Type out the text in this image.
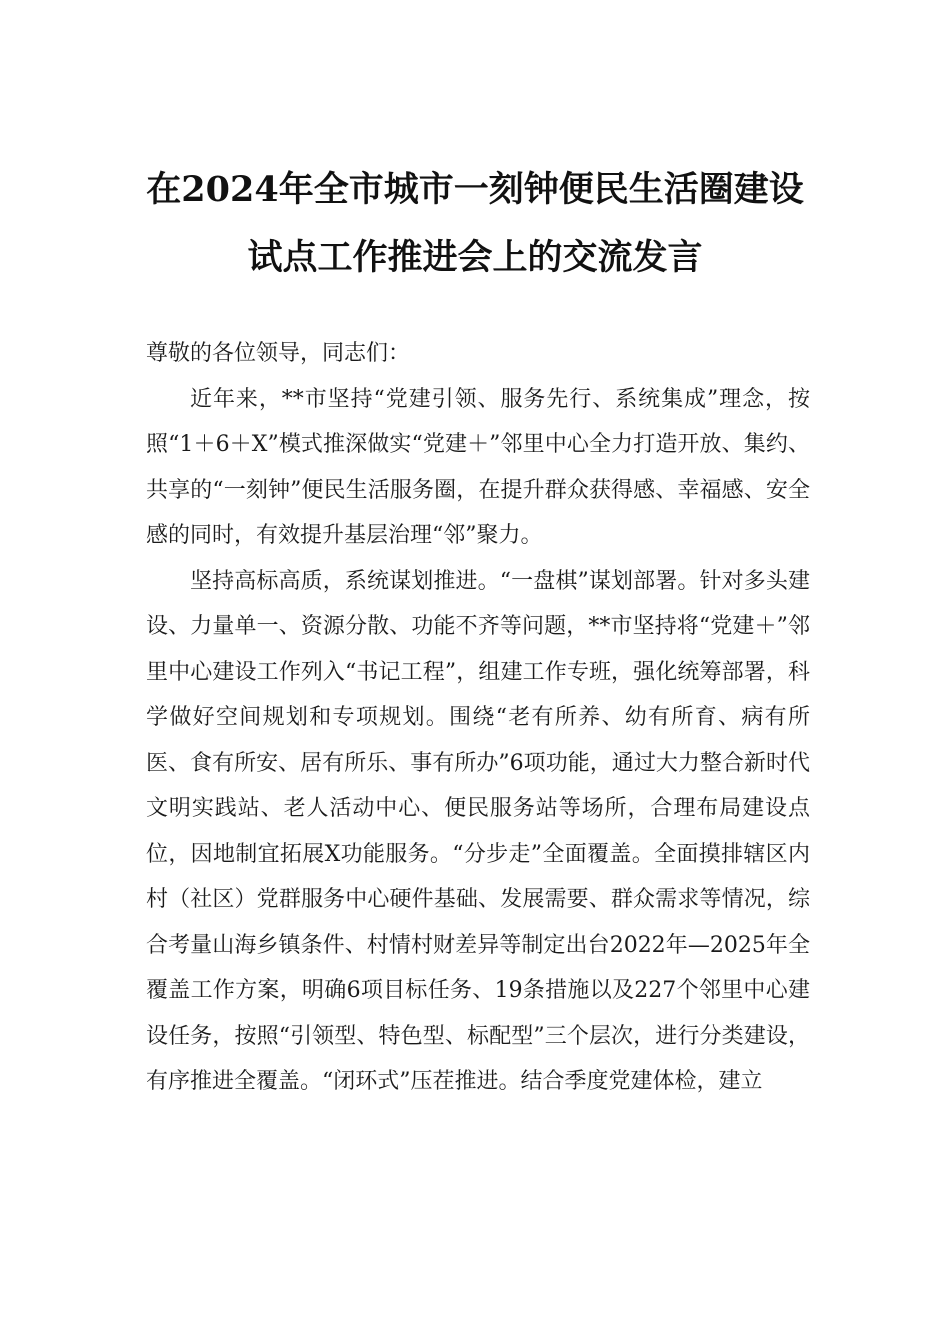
在2024年全市城市一刻钟便民生活圈建设
试点工作推进会上的交流发言

尊敬的各位领导，同志们：

近年来，**市坚持“党建引领、服务先行、系统集成”理念，按照“1＋6＋X”模式推深做实“党建＋”邻里中心全力打造开放、集约、共享的“一刻钟”便民生活服务圈，在提升群众获得感、幸福感、安全感的同时，有效提升基层治理“邻”聚力。

坚持高标高质，系统谋划推进。“一盘棋”谋划部署。针对多头建设、力量单一、资源分散、功能不齐等问题，**市坚持将“党建＋”邻里中心建设工作列入“书记工程”，组建工作专班，强化统筹部署，科学做好空间规划和专项规划。围绕“老有所养、幼有所育、病有所医、食有所安、居有所乐、事有所办”6项功能，通过大力整合新时代文明实践站、老人活动中心、便民服务站等场所，合理布局建设点位，因地制宜拓展X功能服务。“分步走”全面覆盖。全面摸排辖区内村（社区）党群服务中心硬件基础、发展需要、群众需求等情况，综合考量山海乡镇条件、村情村财差异等制定出台2022年—2025年全覆盖工作方案，明确6项目标任务、19条措施以及227个邻里中心建设任务，按照“引领型、特色型、标配型”三个层次，进行分类建设，有序推进全覆盖。“闭环式”压茬推进。结合季度党建体检，建立
